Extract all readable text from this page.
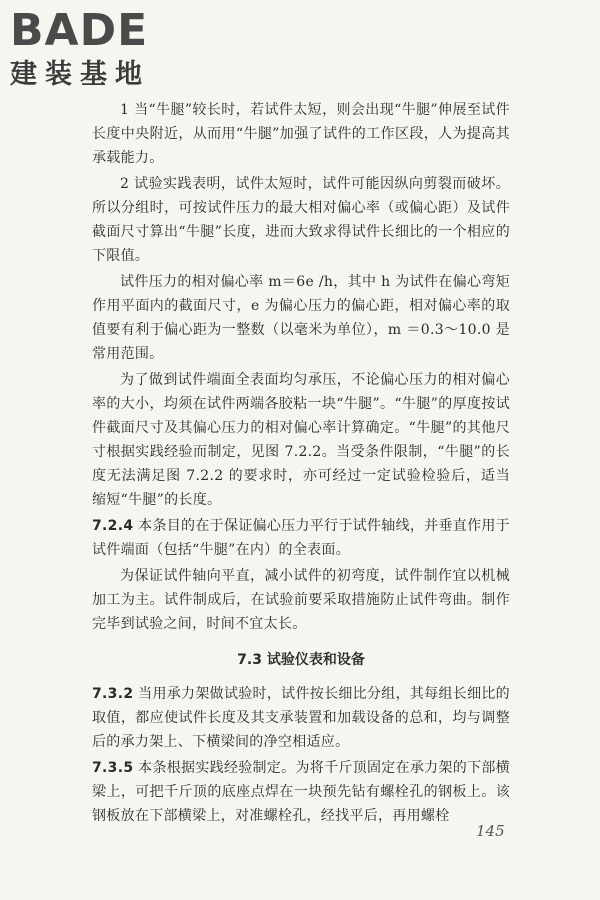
BADE
建装基地

1 当“牛腿”较长时，若试件太短，则会出现“牛腿”伸展至试件长度中央附近，从而用“牛腿”加强了试件的工作区段，人为提高其承载能力。

2 试验实践表明，试件太短时，试件可能因纵向剪裂而破坏。所以分组时，可按试件压力的最大相对偏心率（或偏心距）及试件截面尺寸算出“牛腿”长度，进而大致求得试件长细比的一个相应的下限值。

试件压力的相对偏心率 m＝6e /h，其中 h 为试件在偏心弯矩作用平面内的截面尺寸，e 为偏心压力的偏心距，相对偏心率的取值要有利于偏心距为一整数（以毫米为单位），m ＝0.3～10.0 是常用范围。

为了做到试件端面全表面均匀承压，不论偏心压力的相对偏心率的大小，均须在试件两端各胶粘一块“牛腿”。“牛腿”的厚度按试件截面尺寸及其偏心压力的相对偏心率计算确定。“牛腿”的其他尺寸根据实践经验而制定，见图 7.2.2。当受条件限制，“牛腿”的长度无法满足图 7.2.2 的要求时，亦可经过一定试验检验后，适当缩短“牛腿”的长度。

7.2.4 本条目的在于保证偏心压力平行于试件轴线，并垂直作用于试件端面（包括“牛腿”在内）的全表面。

为保证试件轴向平直，减小试件的初弯度，试件制作宜以机械加工为主。试件制成后，在试验前要采取措施防止试件弯曲。制作完毕到试验之间，时间不宜太长。

7.3 试验仪表和设备

7.3.2 当用承力架做试验时，试件按长细比分组，其每组长细比的取值，都应使试件长度及其支承装置和加载设备的总和，均与调整后的承力架上、下横梁间的净空相适应。

7.3.5 本条根据实践经验制定。为将千斤顶固定在承力架的下部横梁上，可把千斤顶的底座点焊在一块预先钻有螺栓孔的钢板上。该钢板放在下部横梁上，对准螺栓孔，经找平后，再用螺栓

145
